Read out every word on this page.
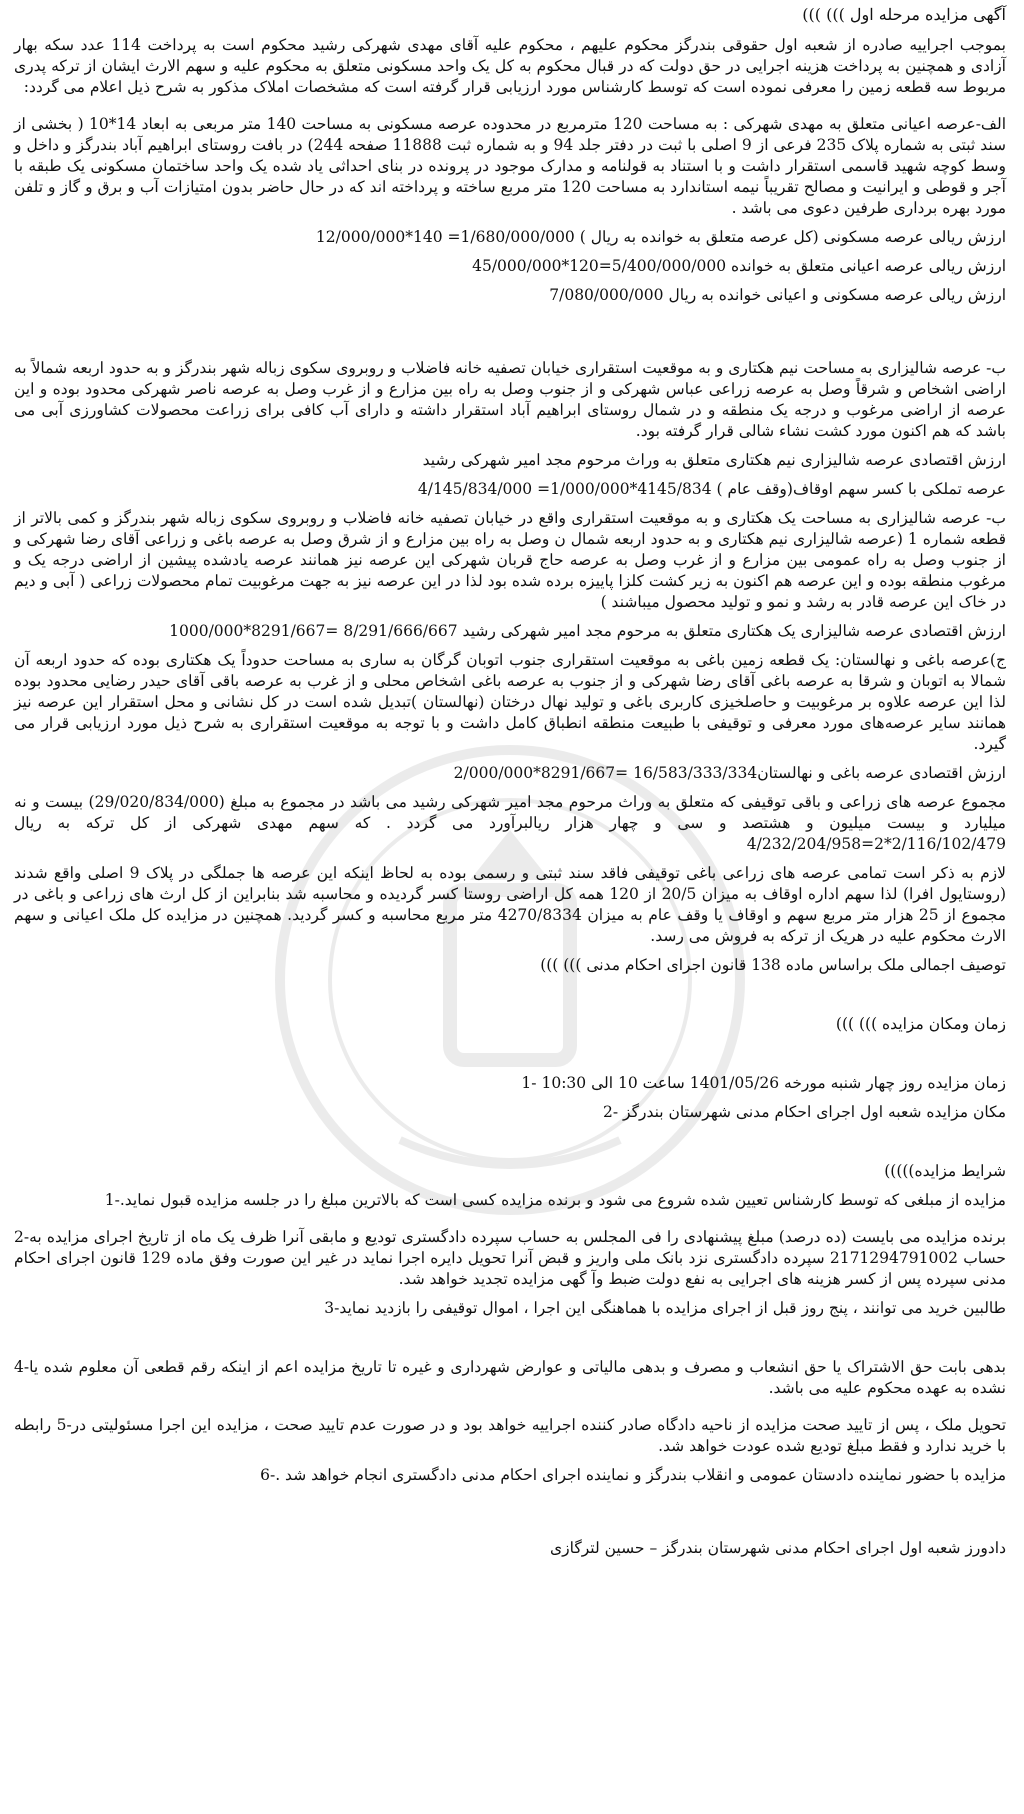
آگهی مزایده مرحله اول ))) )))

بموجب اجراییه صادره از شعبه اول حقوقی بندرگز محکوم علیهم ، محکوم علیه آقای مهدی شهرکی رشید محکوم است به پرداخت 114 عدد سکه بهار آزادی و همچنین به پرداخت هزینه اجرایی در حق دولت که در قبال محکوم به کل یک واحد مسکونی متعلق به محکوم علیه و سهم الارث ایشان از ترکه پدری مربوط سه قطعه زمین را معرفی نموده است که توسط کارشناس مورد ارزیابی قرار گرفته است که مشخصات املاک مذکور به شرح ذیل اعلام می گردد:

الف-عرصه اعیانی متعلق به مهدی شهرکی : به مساحت 120 مترمربع در محدوده عرصه مسکونی به مساحت 140 متر مربعی به ابعاد 14*10 ( بخشی از سند ثبتی به شماره پلاک 235 فرعی از 9 اصلی با ثبت در دفتر جلد 94 و به شماره ثبت 11888 صفحه 244) در بافت روستای ابراهیم آباد بندرگز و داخل و وسط کوچه شهید قاسمی استقرار داشت و با استناد به قولنامه و مدارک موجود در پرونده در بنای احداثی یاد شده یک واحد ساختمان مسکونی یک طبقه با آجر و قوطی و ایرانیت و مصالح تقریباً نیمه استاندارد به مساحت 120 متر مربع ساخته و پرداخته اند که در حال حاضر بدون امتیازات آب و برق و گاز و تلفن مورد بهره برداری طرفین دعوی می باشد .

ارزش ریالی عرصه مسکونی (کل عرصه متعلق به خوانده به ریال ) 1/680/000/000= 140*12/000/000

ارزش ریالی عرصه اعیانی متعلق به خوانده 5/400/000/000=120*45/000/000

ارزش ریالی عرصه مسکونی و اعیانی خوانده به ریال 7/080/000/000

ب- عرصه شالیزاری به مساحت نیم هکتاری و به موقعیت استقراری خیابان تصفیه خانه فاضلاب و روبروی سکوی زباله شهر بندرگز و به حدود اربعه شمالاً به اراضی اشخاص و شرقاً وصل به عرصه زراعی عباس شهرکی و از جنوب وصل به راه بین مزارع و از غرب وصل به عرصه ناصر شهرکی محدود بوده و این عرصه از اراضی مرغوب و درجه یک منطقه و در شمال روستای ابراهیم آباد استقرار داشته و دارای آب کافی برای زراعت محصولات کشاورزی آبی می باشد که هم اکنون مورد کشت نشاء شالی قرار گرفته بود.

ارزش اقتصادی عرصه شالیزاری نیم هکتاری متعلق به وراث مرحوم مجد امیر شهرکی رشید

عرصه تملکی با کسر سهم اوقاف(وقف عام ) 4145/834*1/000/000= 4/145/834/000

ب- عرصه شالیزاری به مساحت یک هکتاری و به موقعیت استقراری واقع در خیابان تصفیه خانه فاضلاب و روبروی سکوی زباله شهر بندرگز و کمی بالاتر از قطعه شماره 1 (عرصه شالیزاری نیم هکتاری و به حدود اربعه شمال ن وصل به راه بین مزارع و از شرق وصل به عرصه باغی و زراعی آقای رضا شهرکی و از جنوب وصل به راه عمومی بین مزارع و از غرب وصل به عرصه حاج قربان شهرکی این عرصه نیز همانند عرصه یادشده پیشین از اراضی درجه یک و مرغوب منطقه بوده و این عرصه هم اکنون به زیر کشت کلزا پاییزه برده شده بود لذا در این عرصه نیز به جهت مرغوبیت تمام محصولات زراعی ( آبی و دیم در خاک این عرصه قادر به رشد و نمو و تولید محصول میباشند )

ارزش اقتصادی عرصه شالیزاری یک هکتاری متعلق به مرحوم مجد امیر شهرکی رشید 8/291/666/667 =8291/667*1000/000

ج)عرصه باغی و نهالستان: یک قطعه زمین باغی به موقعیت استقراری جنوب اتوبان گرگان به ساری به مساحت حدوداً یک هکتاری بوده که حدود اربعه آن شمالا به اتوبان و شرقا به عرصه باغی آقای رضا شهرکی و از جنوب به عرصه باغی اشخاص محلی و از غرب به عرصه باقی آقای حیدر رضایی محدود بوده لذا این عرصه علاوه بر مرغوبیت و حاصلخیزی کاربری باغی و تولید نهال درختان (نهالستان )تبدیل شده است در کل نشانی و محل استقرار این عرصه نیز همانند سایر عرصه‌های مورد معرفی و توقیفی با طبیعت منطقه انطباق کامل داشت و با توجه به موقعیت استقراری به شرح ذیل مورد ارزیابی قرار می گیرد.

ارزش اقتصادی عرصه باغی و نهالستان16/583/333/334 =8291/667*2/000/000

مجموع عرصه های زراعی و باقی توقیفی که متعلق به وراث مرحوم مجد امیر شهرکی رشید می باشد در مجموع به مبلغ (29/020/834/000) بیست و نه میلیارد و بیست میلیون و هشتصد و سی و چهار هزار ریالبرآورد می گردد . که سهم مهدی شهرکی از کل ترکه به ریال 2/116/102/479*2=4/232/204/958

لازم به ذکر است تمامی عرصه های زراعی باغی توقیفی فاقد سند ثبتی و رسمی بوده به لحاظ اینکه این عرصه ها جملگی در پلاک 9 اصلی واقع شدند (روستایول افرا) لذا سهم اداره اوقاف به میزان 20/5 از 120 همه کل اراضی روستا کسر گردیده و محاسبه شد بنابراین از کل ارث های زراعی و باغی در مجموع از 25 هزار متر مربع سهم و اوقاف یا وقف عام به میزان 4270/8334 متر مربع محاسبه و کسر گردید. همچنین در مزایده کل ملک اعیانی و سهم الارث محکوم علیه در هریک از ترکه به فروش می رسد.

توصیف اجمالی ملک براساس ماده 138 قانون اجرای احکام مدنی ))) )))

زمان ومکان مزایده ))) )))

زمان مزایده روز چهار شنبه مورخه 1401/05/26 ساعت 10 الی 10:30 -1

مکان مزایده شعبه اول اجرای احکام مدنی شهرستان بندرگز -2

شرایط مزایده)))))

مزایده از مبلغی که توسط کارشناس تعیین شده شروع می شود و برنده مزایده کسی است که بالاترین مبلغ را در جلسه مزایده قبول نماید.-1

برنده مزایده می بایست (ده درصد) مبلغ پیشنهادی را فی المجلس به حساب سپرده دادگستری تودیع و مابقی آنرا ظرف یک ماه از تاریخ اجرای مزایده به-2 حساب 2171294791002 سپرده دادگستری نزد بانک ملی واریز و قبض آنرا تحویل دایره اجرا نماید در غیر این صورت وفق ماده 129 قانون اجرای احکام مدنی سپرده پس از کسر هزینه های اجرایی به نفع دولت ضبط وآ گهی مزایده تجدید خواهد شد.

طالبین خرید می توانند ، پنج روز قبل از اجرای مزایده با هماهنگی این اجرا ، اموال توقیفی را بازدید نماید-3

بدهی بابت حق الاشتراک یا حق انشعاب و مصرف و بدهی مالیاتی و عوارض شهرداری و غیره تا تاریخ مزایده اعم از اینکه رقم قطعی آن معلوم شده یا-4 نشده به عهده محکوم علیه می باشد.

تحویل ملک ، پس از تایید صحت مزایده از ناحیه دادگاه صادر کننده اجراییه خواهد بود و در صورت عدم تایید صحت ، مزایده این اجرا مسئولیتی در-5 رابطه با خرید ندارد و فقط مبلغ تودیع شده عودت خواهد شد.

مزایده با حضور نماینده دادستان عمومی و انقلاب بندرگز و نماینده اجرای احکام مدنی دادگستری انجام خواهد شد .-6

دادورز شعبه اول اجرای احکام مدنی شهرستان بندرگز – حسین لترگازی
